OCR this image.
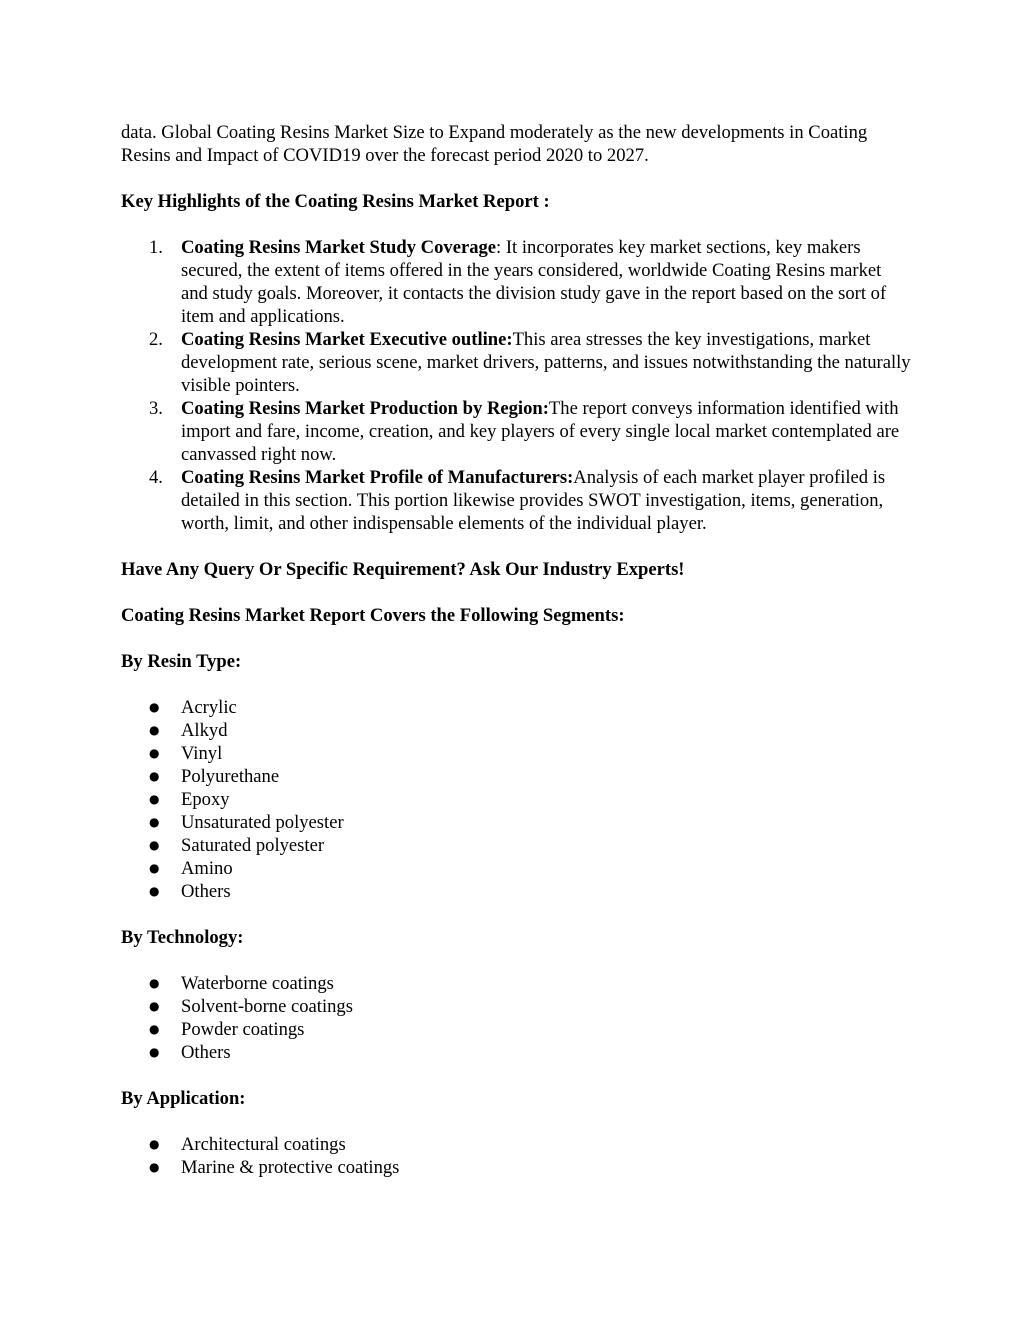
data. Global Coating Resins Market Size to Expand moderately as the new developments in Coating Resins and Impact of COVID19 over the forecast period 2020 to 2027.

Key Highlights of the Coating Resins Market Report :

1. Coating Resins Market Study Coverage: It incorporates key market sections, key makers secured, the extent of items offered in the years considered, worldwide Coating Resins market and study goals. Moreover, it contacts the division study gave in the report based on the sort of item and applications.
2. Coating Resins Market Executive outline:This area stresses the key investigations, market development rate, serious scene, market drivers, patterns, and issues notwithstanding the naturally visible pointers.
3. Coating Resins Market Production by Region:The report conveys information identified with import and fare, income, creation, and key players of every single local market contemplated are canvassed right now.
4. Coating Resins Market Profile of Manufacturers:Analysis of each market player profiled is detailed in this section. This portion likewise provides SWOT investigation, items, generation, worth, limit, and other indispensable elements of the individual player.

Have Any Query Or Specific Requirement? Ask Our Industry Experts!

Coating Resins Market Report Covers the Following Segments:

By Resin Type:

● Acrylic
● Alkyd
● Vinyl
● Polyurethane
● Epoxy
● Unsaturated polyester
● Saturated polyester
● Amino
● Others

By Technology:

● Waterborne coatings
● Solvent-borne coatings
● Powder coatings
● Others

By Application:

● Architectural coatings
● Marine & protective coatings
